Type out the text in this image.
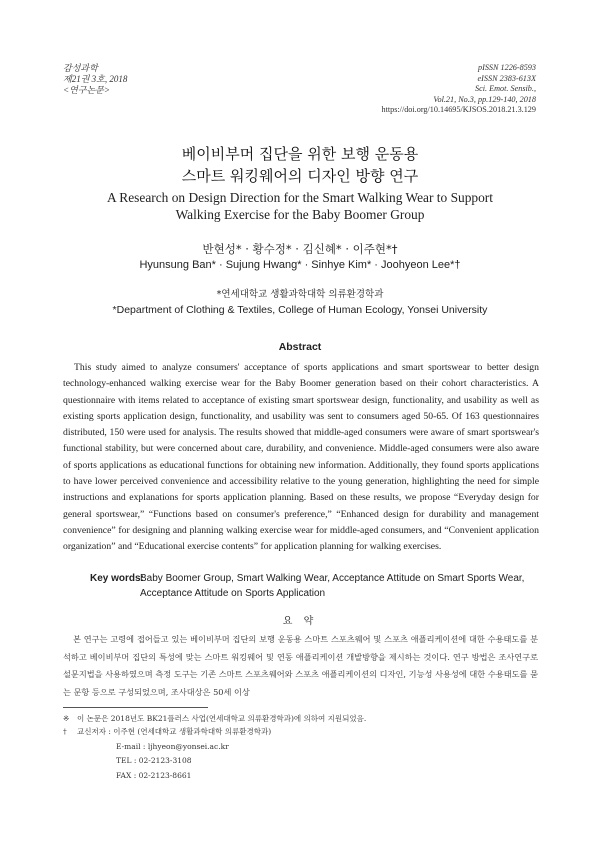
감성과학
제21권 3호, 2018
<연구논문>
pISSN 1226-8593
eISSN 2383-613X
Sci. Emot. Sensib.,
Vol.21, No.3, pp.129-140, 2018
https://doi.org/10.14695/KJSOS.2018.21.3.129
베이비부머 집단을 위한 보행 운동용
스마트 워킹웨어의 디자인 방향 연구
A Research on Design Direction for the Smart Walking Wear to Support
Walking Exercise for the Baby Boomer Group
반현성* · 황수정* · 김신혜* · 이주현*†
Hyunsung Ban* · Sujung Hwang* · Sinhye Kim* · Joohyeon Lee*†
*연세대학교 생활과학대학 의류환경학과
*Department of Clothing & Textiles, College of Human Ecology, Yonsei University
Abstract

This study aimed to analyze consumers' acceptance of sports applications and smart sportswear to better design technology-enhanced walking exercise wear for the Baby Boomer generation based on their cohort characteristics. A questionnaire with items related to acceptance of existing smart sportswear design, functionality, and usability as well as existing sports application design, functionality, and usability was sent to consumers aged 50-65. Of 163 questionnaires distributed, 150 were used for analysis. The results showed that middle-aged consumers were aware of smart sportswear's functional stability, but were concerned about care, durability, and convenience. Middle-aged consumers were also aware of sports applications as educational functions for obtaining new information. Additionally, they found sports applications to have lower perceived convenience and accessibility relative to the young generation, highlighting the need for simple instructions and explanations for sports application planning. Based on these results, we propose “Everyday design for general sportswear,” “Functions based on consumer's preference,” “Enhanced design for durability and management convenience” for designing and planning walking exercise wear for middle-aged consumers, and “Convenient application organization” and “Educational exercise contents” for application planning for walking exercises.

Key words:
Baby Boomer Group, Smart Walking Wear, Acceptance Attitude on Smart Sports Wear, Acceptance Attitude on Sports Application
요 약

본 연구는 고령에 접어들고 있는 베이비부머 집단의 보행 운동용 스마트 스포츠웨어 및 스포츠 애플리케이션에 대한 수용태도를 분석하고 베이비부머 집단의 특성에 맞는 스마트 워킹웨어 및 연동 애플리케이션 개발방향을 제시하는 것이다. 연구 방법은 조사연구로 설문지법을 사용하였으며 측정 도구는 기존 스마트 스포츠웨어와 스포츠 애플리케이션의 디자인, 기능성 사용성에 대한 수용태도를 묻는 문항 등으로 구성되었으며, 조사대상은 50세 이상

※ 이 논문은 2018년도 BK21플러스 사업(연세대학교 의류환경학과)에 의하여 지원되었음.
† 교신저자 : 이주현 (연세대학교 생활과학대학 의류환경학과)
E-mail : ljhyeon@yonsei.ac.kr
TEL : 02-2123-3108
FAX : 02-2123-8661
